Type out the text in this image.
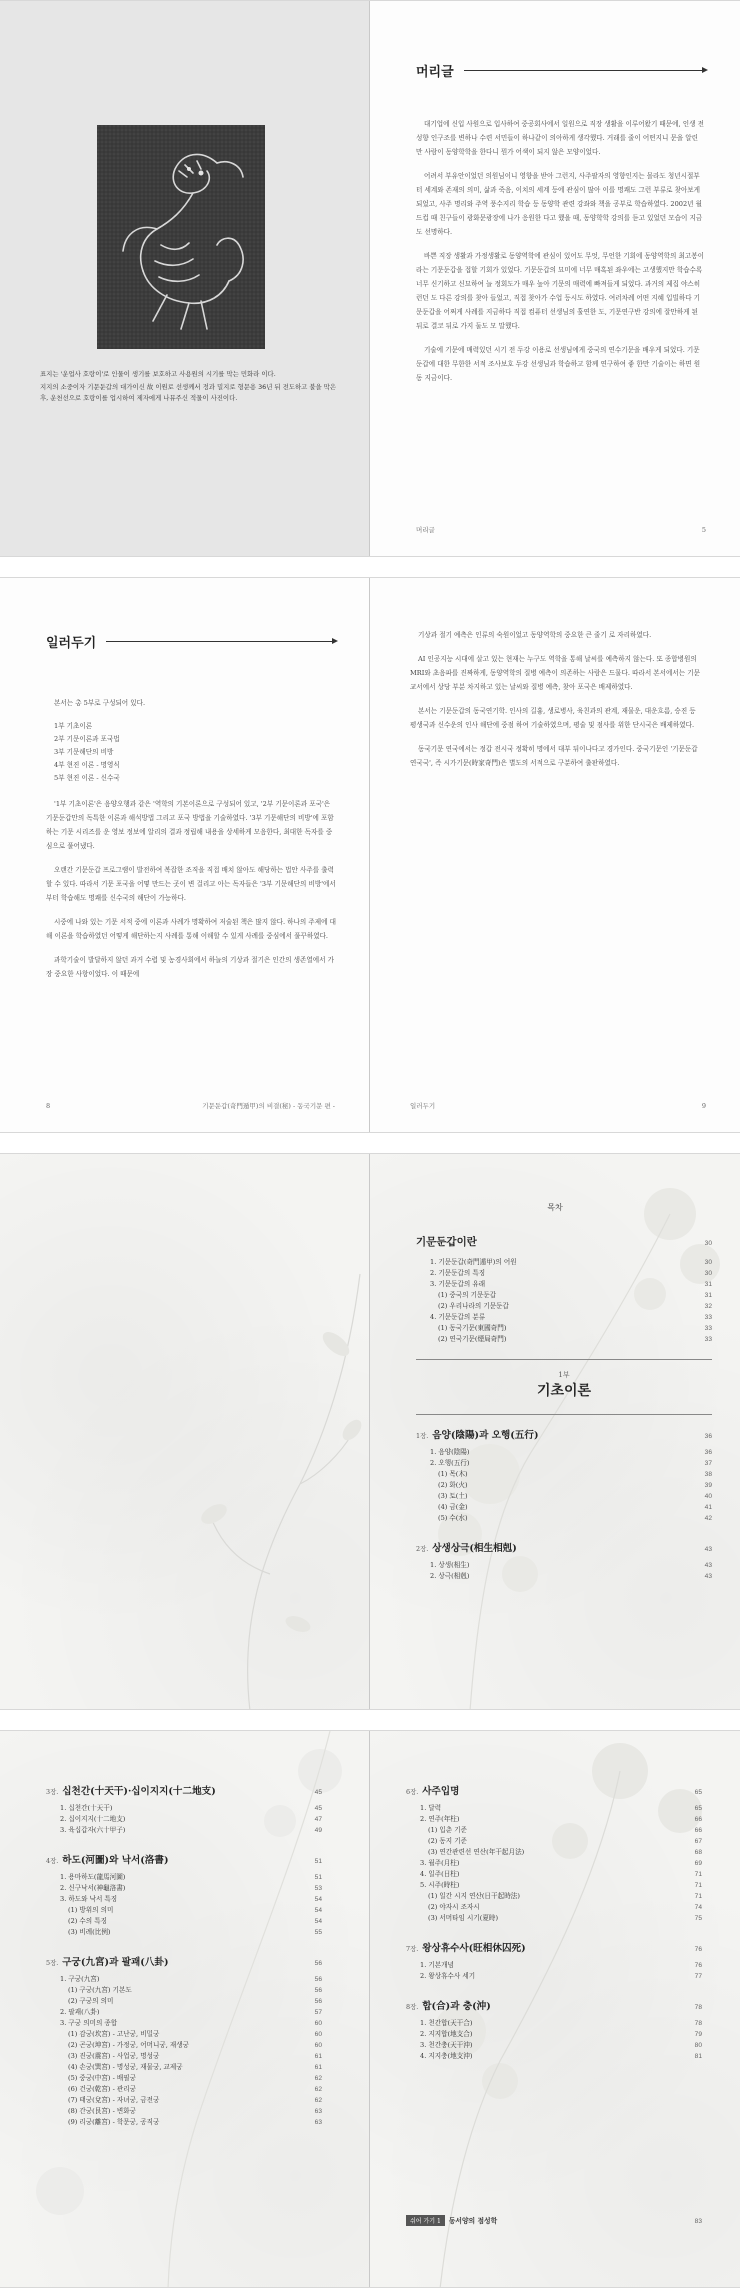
표지는 '운업사 호랑이'로 인물이 생기를 보호하고 사용원의 시기를 막는 민화라 이다.
지지의 소중이자 기문둔갑의 대가이신 故 이원로 선생께서 정과 밀지로 형문용 36년 뒤 전도하고 불을 막은 후, 운천선으로 호랑이를 업시하여 제자에게 나뮤주신 적물이 사진이다.
머리글

대기업에 신입 사원으로 입사하여 중공회사에서 일원으로 직장 생활을 이루어왔기 때문에, 인생 전성향 인구조를 변하나 수련 서민들이 하나같이 의아하게 생각했다. 거래를 줄이 어떤지니 문을 알린 만 사람이 동양학학을 한다니 뭔가 어색이 되지 않은 모양이었다.

어려서 부유안이었던 의원님이니 영향을 받아 그런지, 사주팔자의 영향인지는 몰라도 청년시절부터 세계와 존재의 의미, 삶과 죽음, 이치의 세계 등에 관심이 많아 이를 명쾌도 그런 부류로 찾아보게 되었고, 사주 명리와 주역 풍수지리 학습 등 동양학 관련 강좌와 책을 공부로 학습하였다. 2002년 월드컵 때 친구들이 광화문광장에 나가 응원한 다고 했을 때, 동양학학 강의를 듣고 있었던 모습이 지금도 선명하다.

바쁜 직장 생활과 가정생활로 동양역학에 관심이 있어도 무엇, 무언한 기회에 동양역학의 최고봉이라는 기문둔갑을 접할 기회가 있었다. 기문둔갑의 묘미에 너무 매혹된 좌우에는 고생했지만 학습수록 너무 신기하고 신묘하여 늘 정회도가 매우 높아 기문의 매력에 빠져들게 되었다. 과거의 제집 야스히런던 도 다른 강의를 찾아 들었고, 직접 찾아가 수업 등시도 하였다. 여러차례 어떤 지혜 입빌하다 기문둔갑을 어쩌게 사례를 지금하다 직접 컴퓨터 선생님의 훌연한 도, 기문연구반 강의에 잘만하게 된 뒤로 결코 뒤로 가지 둘도 모 말했다.

기술에 기문에 매력있던 시기 전 두강 이용로 선생님에게 중국의 연수기문을 배우게 되었다. 기문둔갑에 대한 무한한 서적 조사보호 두강 선생님과 학습하고 함께 연구하여 좋 한만 기술이는 하면 원동 지금이다.

머리글	5
일러두기

본서는 총 5부로 구성되어 있다.

1부 기초이론
2부 기문이론과 포국법
3부 기문해단의 비방
4부 현진 이론 - 명영식
5부 현진 이론 - 신수국

'1부 기초이론'은 음양오행과 같은 '역학의 기본이론으로 구성되어 있고, '2부 기문이론과 포국'은 기문둔갑만의 독특한 이론과 해석방법 그리고 포국 방법을 기술하였다. '3부 기문해단의 비방'에 포함하는 기문 시리즈를 운 영보 정보에 알리의 결과 정립해 내용을 상세하게 모음한다, 최대한 독자를 중심으로 풀어냈다.

오랜간 기문둔갑 프로그램이 발전하여 복잡한 조직을 직접 배치 않아도 해당하는 법안 사주를 출력할 수 있다. 따라서 기문 포국을 어떻 만드는 곳이 변 걸리고 아는 독자들은 '3부 기문해단의 비방'에서부터 학습해도 명쾌를 신수국의 해단이 가능하다.

시중에 나와 있는 기문 서적 중에 이론과 사례가 명확하여 저술된 책은 많지 않다. 하나의 주제에 대해 이론을 학습하였던 어떻게 해단하는지 사례를 통해 이해할 수 있게 사례를 중심에서 풀꾸하였다.

과학기술이 발달하지 않던 과거 수렵 및 농경사회에서 하늘의 기상과 절기은 인간의 생존열에서 가장 중요한 사항이었다. 이 때문에

8	기문둔갑(奇門遁甲)의 비결(秘) - 동국기문 편 -

기상과 절기 예측은 인류의 숙원이었고 동양역학의 중요한 큰 줄기 로 자리하였다.

AI 인공지능 시대에 살고 있는 현재는 누구도 역학을 통해 날씨를 예측하지 않는다. 또 종합병원의 MRI와 초음파를 진짜하게, 동양역학의 질병 예측이 의존하는 사람은 드물다. 따라서 본서에서는 기문교서에서 상당 부분 차지하고 있는 날씨와 질병 예측, 찾아 포국은 배제하였다.

본서는 기문둔갑의 동국연기학. 인사의 길흉, 생로병사, 육친과의 관계, 재물운, 대운흐름, 승진 등 평생국과 신수운의 인사 해단에 중점 하여 기술하였으며, 평술 및 점사를 위한 단시국은 배제하였다.

동국기문 연국에서는 정갑 전시국 정확히 명에서 대부 뒤이나다고 경가인다. 중국기문인 '기문둔갑 연국국', 즉 시가기문(時家奇門)은 별도의 서적으로 구분하여 출판하였다.

일러두기	9
목차
기문둔갑이란	30
1. 기문둔갑(奇門遁甲)의 어원	30
2. 기문둔갑의 특징	30
3. 기문둔갑의 유래	31
(1) 중국의 기문둔갑	31
(2) 우리나라의 기문둔갑	32
4. 기문둔갑의 분류	33
(1) 동국기문(東國奇門)	33
(2) 연국기문(煙局奇門)	33
1부
기초이론
1장. 음양(陰陽)과 오행(五行)	36
1. 음양(陰陽)	36
2. 오행(五行)	37
(1) 목(木)	38
(2) 화(火)	39
(3) 토(土)	40
(4) 금(金)	41
(5) 수(水)	42
2장. 상생상극(相生相剋)	43
1. 상생(相生)	43
2. 상극(相剋)	43
3장. 십천간(十天干)·십이지지(十二地支)	45
1. 십천간(十天干)	45
2. 십이지지(十二地支)	47
3. 육십갑자(六十甲子)	49
4장. 하도(河圖)와 낙서(洛書)	51
1. 용마하도(龍馬河圖)	51
2. 신구낙서(神龜洛書)	53
3. 하도와 낙서 특징	54
(1) 방위의 의미	54
(2) 수의 특징	54
(3) 비례(比例)	55
5장. 구궁(九宮)과 팔괘(八卦)	56
1. 구궁(九宮)	56
(1) 구궁(九宮) 기본도	56
(2) 구궁의 의미	56
2. 팔괘(八卦)	57
3. 구궁 의미의 종합	60
(1) 감궁(坎宮) - 고난궁, 비밀궁	60
(2) 곤궁(坤宮) - 가정궁, 어머니궁, 재생궁	60
(3) 진궁(震宮) - 사업궁, 명성궁	61
(4) 손궁(巽宮) - 명성궁, 재물궁, 교제궁	61
(5) 중궁(中宮) - 배필궁	62
(6) 건궁(乾宮) - 관리궁	62
(7) 태궁(兌宮) - 자녀궁, 금전궁	62
(8) 간궁(艮宮) - 변화궁	63
(9) 리궁(離宮) - 학문궁, 공직궁	63
6장. 사주입명	65
1. 달력	65
2. 연주(年柱)	66
(1) 입춘 기준	66
(2) 동지 기준	67
(3) 연간관련선 연산(年干起月法)	68
3. 월주(月柱)	69
4. 일주(日柱)	71
5. 시주(時柱)	71
(1) 일간 시지 연산(日干起時法)	71
(2) 야자시 조자시	74
(3) 서머타임 시기(夏時)	75
7장. 왕상휴수사(旺相休囚死)	76
1. 기본개념	76
2. 왕상휴수사 세기	77
8장. 합(合)과 충(沖)	78
1. 천간합(天干合)	78
2. 지지합(地支合)	79
3. 천간충(天干沖)	80
4. 지지충(地支沖)	81
쉬어 가기 1	동서양의 점성학	83
